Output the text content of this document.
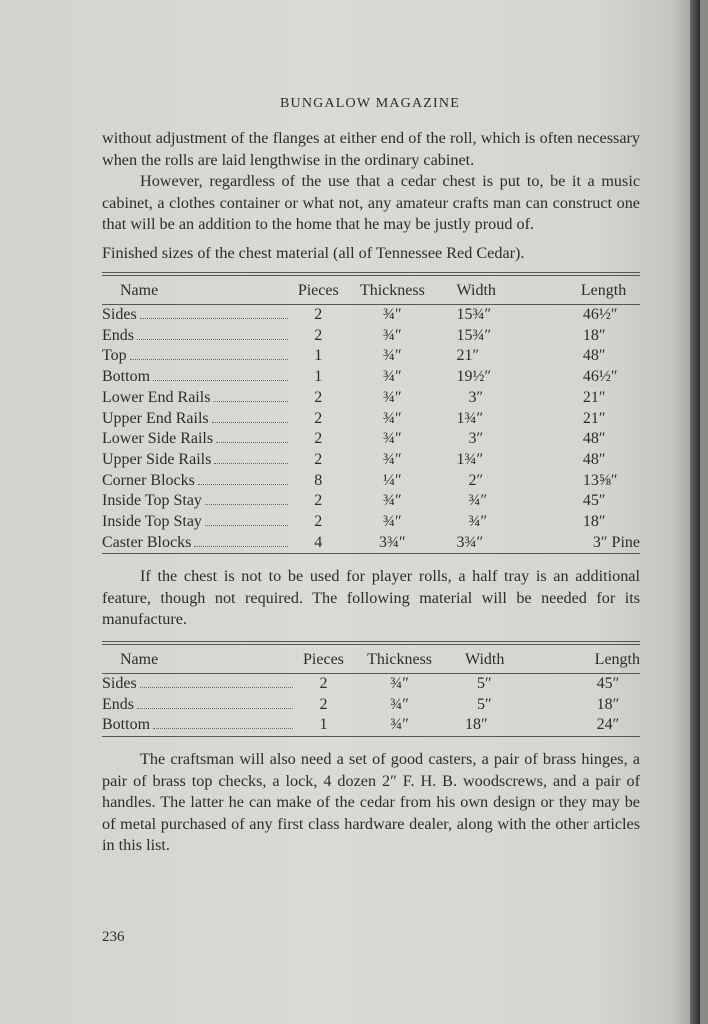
BUNGALOW MAGAZINE

without adjustment of the flanges at either end of the roll, which is often necessary when the rolls are laid lengthwise in the ordinary cabinet.

However, regardless of the use that a cedar chest is put to, be it a music cabinet, a clothes container or what not, any amateur crafts man can construct one that will be an addition to the home that he may be justly proud of.

Finished sizes of the chest material (all of Tennessee Red Cedar).

Name	Pieces	Thickness	Width	Length

Sides	2	¾″	15¾″	46½″

Ends	2	¾″	15¾″	18″

Top	1	¾″	21″	48″

Bottom	1	¾″	19½″	46½″

Lower End Rails	2	¾″	3″	21″

Upper End Rails	2	¾″	1¾″	21″

Lower Side Rails	2	¾″	3″	48″

Upper Side Rails	2	¾″	1¾″	48″

Corner Blocks	8	¼″	2″	13⅝″

Inside Top Stay	2	¾″	¾″	45″

Inside Top Stay	2	¾″	¾″	18″

Caster Blocks	4	3¾″	3¾″	3″ Pine

If the chest is not to be used for player rolls, a half tray is an additional feature, though not required. The following material will be needed for its manufacture.

Name	Pieces	Thickness	Width	Length

Sides	2	¾″	5″	45″

Ends	2	¾″	5″	18″

Bottom	1	¾″	18″	24″

The craftsman will also need a set of good casters, a pair of brass hinges, a pair of brass top checks, a lock, 4 dozen 2″ F. H. B. woodscrews, and a pair of handles. The latter he can make of the cedar from his own design or they may be of metal purchased of any first class hardware dealer, along with the other articles in this list.

236
